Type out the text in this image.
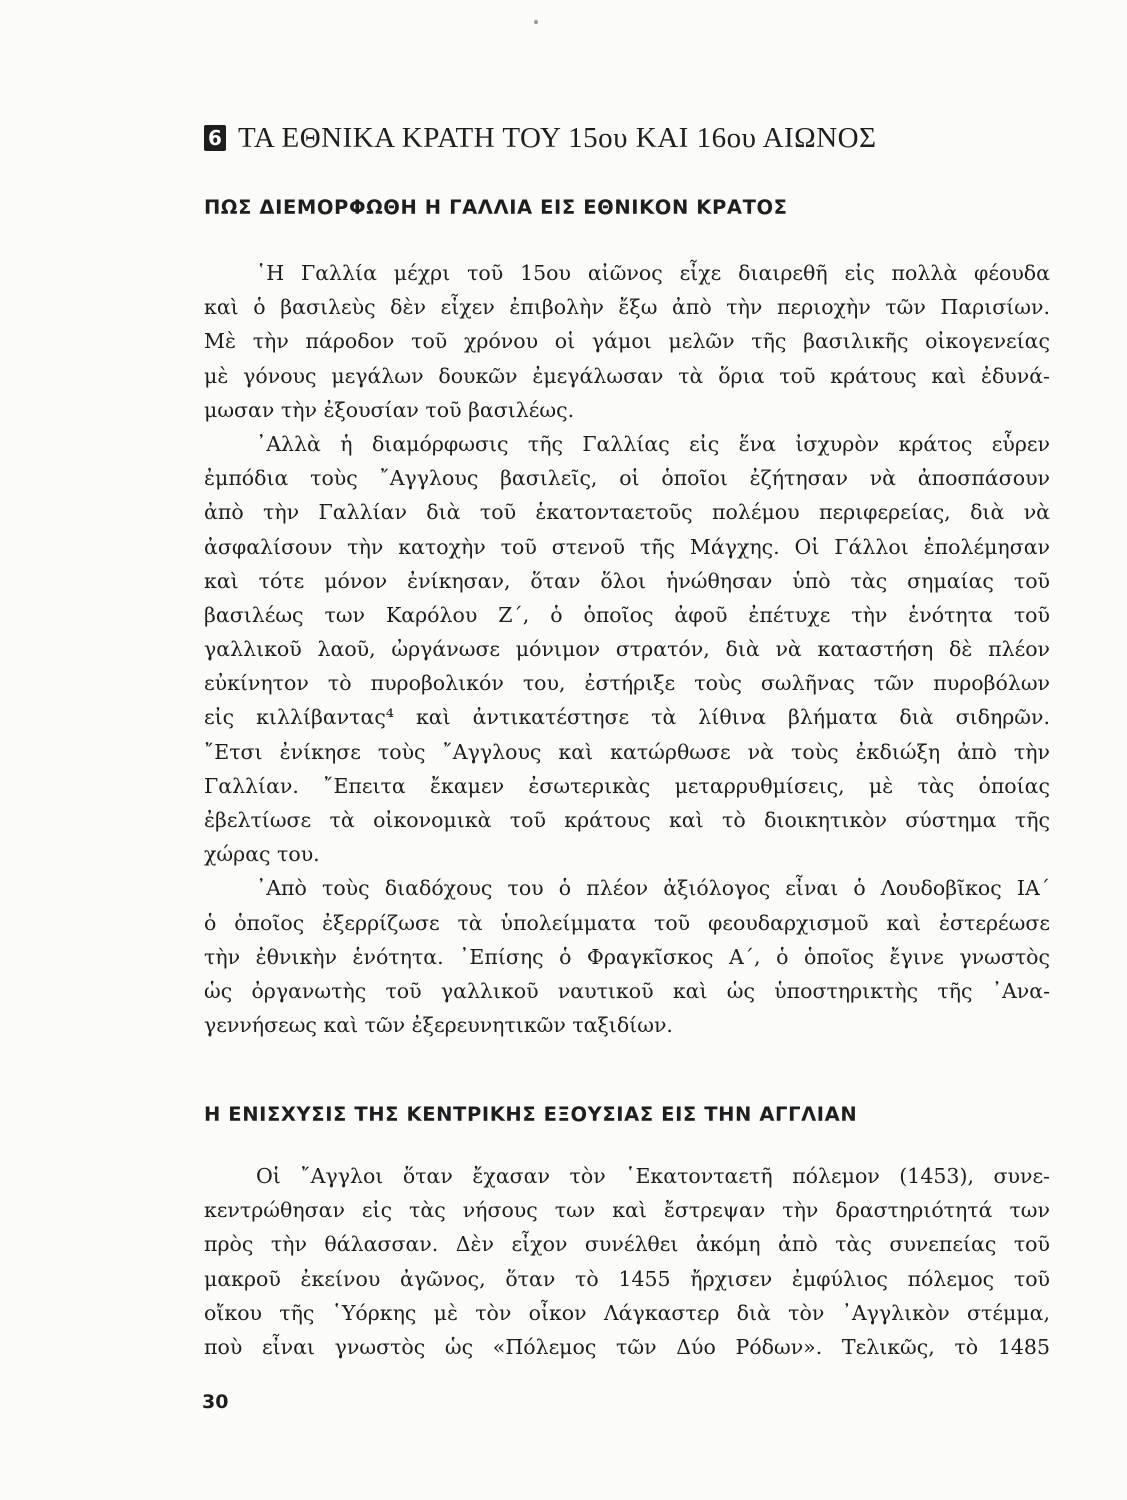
6 ΤΑ ΕΘΝΙΚΑ ΚΡΑΤΗ ΤΟΥ 15ου ΚΑΙ 16ου ΑΙΩΝΟΣ
ΠΩΣ ΔΙΕΜΟΡΦΩΘΗ Η ΓΑΛΛΙΑ ΕΙΣ ΕΘΝΙΚΟΝ ΚΡΑΤΟΣ
῾Η Γαλλία μέχρι τοῦ 15ου αἰῶνος εἶχε διαιρεθῆ εἰς πολλὰ φέουδα
καὶ ὁ βασιλεὺς δὲν εἶχεν ἐπιβολὴν ἔξω ἀπὸ τὴν περιοχὴν τῶν Παρισίων.
Μὲ τὴν πάροδον τοῦ χρόνου οἱ γάμοι μελῶν τῆς βασιλικῆς οἰκογενείας
μὲ γόνους μεγάλων δουκῶν ἐμεγάλωσαν τὰ ὅρια τοῦ κράτους καὶ ἐδυνά-
μωσαν τὴν ἐξουσίαν τοῦ βασιλέως.
᾿Αλλὰ ἡ διαμόρφωσις τῆς Γαλλίας εἰς ἕνα ἰσχυρὸν κράτος εὗρεν
ἐμπόδια τοὺς ῎Αγγλους βασιλεῖς, οἱ ὁποῖοι ἐζήτησαν νὰ ἀποσπάσουν
ἀπὸ τὴν Γαλλίαν διὰ τοῦ ἑκατονταετοῦς πολέμου περιφερείας, διὰ νὰ
ἀσφαλίσουν τὴν κατοχὴν τοῦ στενοῦ τῆς Μάγχης. Οἱ Γάλλοι ἐπολέμησαν
καὶ τότε μόνον ἐνίκησαν, ὅταν ὅλοι ἡνώθησαν ὑπὸ τὰς σημαίας τοῦ
βασιλέως των Καρόλου Ζ΄, ὁ ὁποῖος ἀφοῦ ἐπέτυχε τὴν ἑνότητα τοῦ
γαλλικοῦ λαοῦ, ὠργάνωσε μόνιμον στρατόν, διὰ νὰ καταστήση δὲ πλέον
εὐκίνητον τὸ πυροβολικόν του, ἐστήριξε τοὺς σωλῆνας τῶν πυροβόλων
εἰς κιλλίβαντας⁴ καὶ ἀντικατέστησε τὰ λίθινα βλήματα διὰ σιδηρῶν.
῎Ετσι ἐνίκησε τοὺς ῎Αγγλους καὶ κατώρθωσε νὰ τοὺς ἐκδιώξη ἀπὸ τὴν
Γαλλίαν. ῎Επειτα ἔκαμεν ἐσωτερικὰς μεταρρυθμίσεις, μὲ τὰς ὁποίας
ἐβελτίωσε τὰ οἰκονομικὰ τοῦ κράτους καὶ τὸ διοικητικὸν σύστημα τῆς
χώρας του.
᾿Απὸ τοὺς διαδόχους του ὁ πλέον ἀξιόλογος εἶναι ὁ Λουδοβῖκος ΙΑ΄
ὁ ὁποῖος ἐξερρίζωσε τὰ ὑπολείμματα τοῦ φεουδαρχισμοῦ καὶ ἐστερέωσε
τὴν ἐθνικὴν ἑνότητα. ᾿Επίσης ὁ Φραγκῖσκος Α΄, ὁ ὁποῖος ἔγινε γνωστὸς
ὡς ὀργανωτὴς τοῦ γαλλικοῦ ναυτικοῦ καὶ ὡς ὑποστηρικτὴς τῆς ᾿Ανα-
γεννήσεως καὶ τῶν ἐξερευνητικῶν ταξιδίων.
Η ΕΝΙΣΧΥΣΙΣ ΤΗΣ ΚΕΝΤΡΙΚΗΣ ΕΞΟΥΣΙΑΣ ΕΙΣ ΤΗΝ ΑΓΓΛΙΑΝ
Οἱ ῎Αγγλοι ὅταν ἔχασαν τὸν ῾Εκατονταετῆ πόλεμον (1453), συνε-
κεντρώθησαν εἰς τὰς νήσους των καὶ ἔστρεψαν τὴν δραστηριότητά των
πρὸς τὴν θάλασσαν. Δὲν εἶχον συνέλθει ἀκόμη ἀπὸ τὰς συνεπείας τοῦ
μακροῦ ἐκείνου ἀγῶνος, ὅταν τὸ 1455 ἤρχισεν ἐμφύλιος πόλεμος τοῦ
οἴκου τῆς ῾Υόρκης μὲ τὸν οἶκον Λάγκαστερ διὰ τὸν ᾿Αγγλικὸν στέμμα,
ποὺ εἶναι γνωστὸς ὡς «Πόλεμος τῶν Δύο Ρόδων». Τελικῶς, τὸ 1485
30
